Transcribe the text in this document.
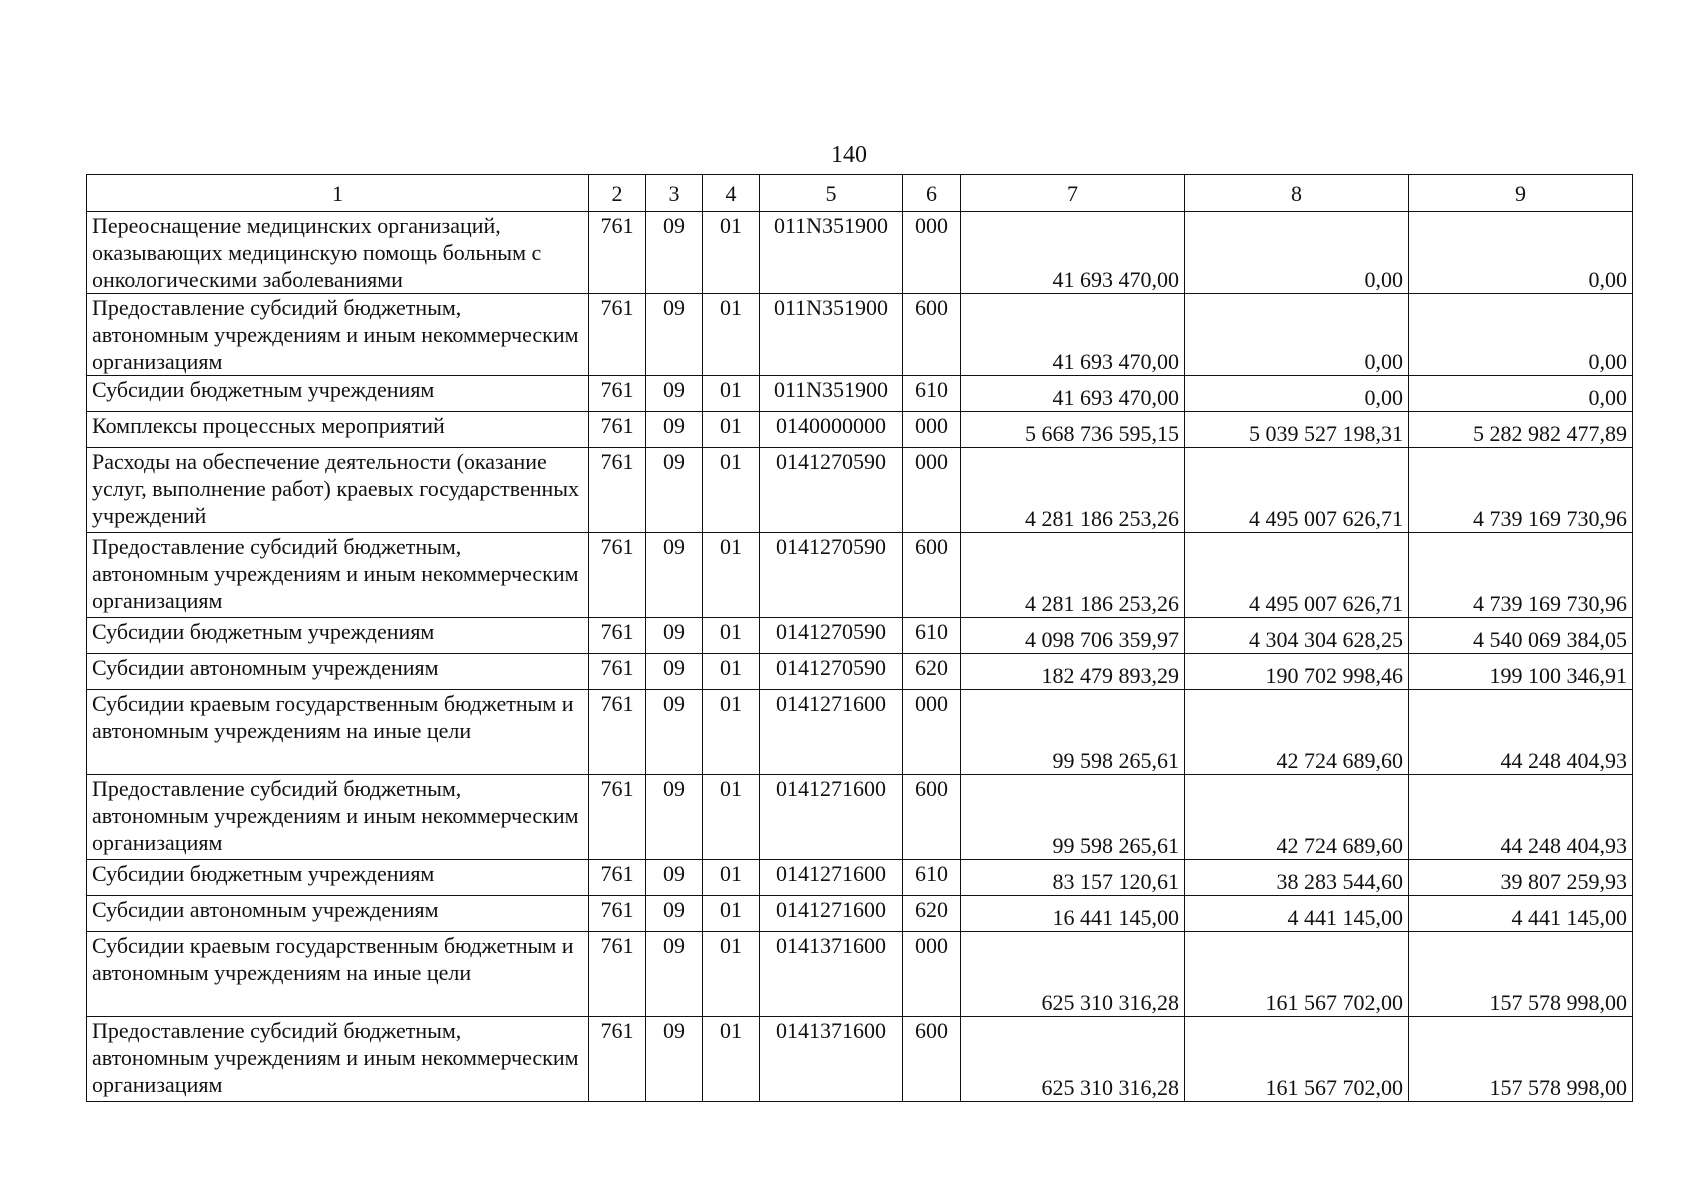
140
1	2	3	4	5	6	7	8	9
Переоснащение медицинских организаций, оказывающих медицинскую помощь больным с онкологическими заболеваниями	761	09	01	011N351900	000	41 693 470,00	0,00	0,00
Предоставление субсидий бюджетным, автономным учреждениям и иным некоммерческим организациям	761	09	01	011N351900	600	41 693 470,00	0,00	0,00
Субсидии бюджетным учреждениям	761	09	01	011N351900	610	41 693 470,00	0,00	0,00
Комплексы процессных мероприятий	761	09	01	0140000000	000	5 668 736 595,15	5 039 527 198,31	5 282 982 477,89
Расходы на обеспечение деятельности (оказание услуг, выполнение работ) краевых государственных учреждений	761	09	01	0141270590	000	4 281 186 253,26	4 495 007 626,71	4 739 169 730,96
Предоставление субсидий бюджетным, автономным учреждениям и иным некоммерческим организациям	761	09	01	0141270590	600	4 281 186 253,26	4 495 007 626,71	4 739 169 730,96
Субсидии бюджетным учреждениям	761	09	01	0141270590	610	4 098 706 359,97	4 304 304 628,25	4 540 069 384,05
Субсидии автономным учреждениям	761	09	01	0141270590	620	182 479 893,29	190 702 998,46	199 100 346,91
Субсидии краевым государственным бюджетным и автономным учреждениям на иные цели	761	09	01	0141271600	000	99 598 265,61	42 724 689,60	44 248 404,93
Предоставление субсидий бюджетным, автономным учреждениям и иным некоммерческим организациям	761	09	01	0141271600	600	99 598 265,61	42 724 689,60	44 248 404,93
Субсидии бюджетным учреждениям	761	09	01	0141271600	610	83 157 120,61	38 283 544,60	39 807 259,93
Субсидии автономным учреждениям	761	09	01	0141271600	620	16 441 145,00	4 441 145,00	4 441 145,00
Субсидии краевым государственным бюджетным и автономным учреждениям на иные цели	761	09	01	0141371600	000	625 310 316,28	161 567 702,00	157 578 998,00
Предоставление субсидий бюджетным, автономным учреждениям и иным некоммерческим организациям	761	09	01	0141371600	600	625 310 316,28	161 567 702,00	157 578 998,00
